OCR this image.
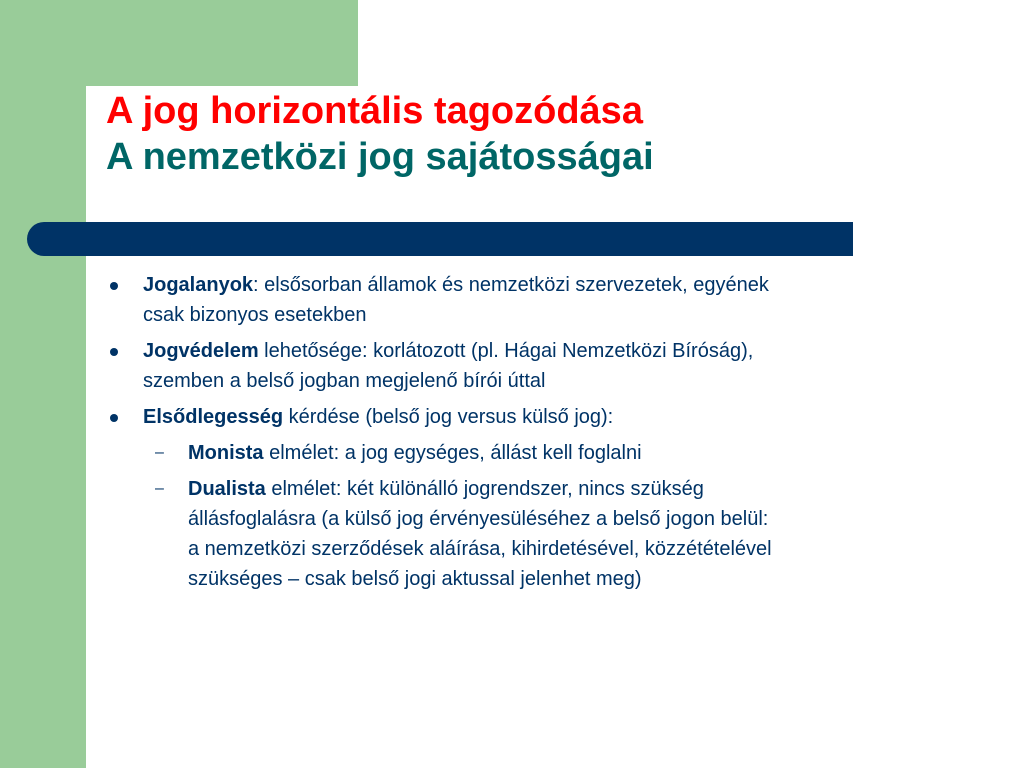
A jog horizontális tagozódása
A nemzetközi jog sajátosságai
Jogalanyok: elsősorban államok és nemzetközi szervezetek, egyének
csak bizonyos esetekben
Jogvédelem lehetősége: korlátozott (pl. Hágai Nemzetközi Bíróság),
szemben a belső jogban megjelenő bírói úttal
Elsődlegesség kérdése (belső jog versus külső jog):
– Monista elmélet: a jog egységes, állást kell foglalni
– Dualista elmélet: két különálló jogrendszer, nincs szükség
állásfoglalásra (a külső jog érvényesüléséhez a belső jogon belül:
a nemzetközi szerződések aláírása, kihirdetésével, közzétételével
szükséges – csak belső jogi aktussal jelenhet meg)
